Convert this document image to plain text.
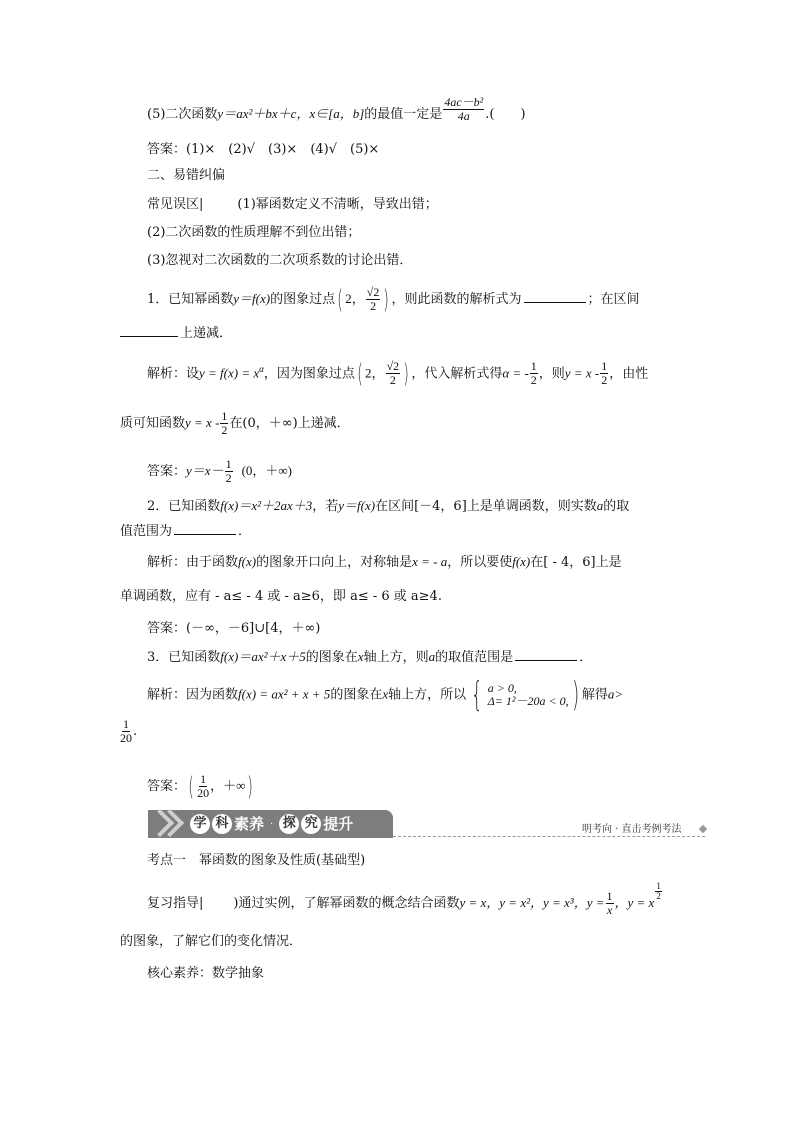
(5)二次函数y＝ax²＋bx＋c，x∈[a，b]的最值一定是 $\frac{\text{4ac－b²}}{4a}$ .(　　)
答案：(1)×　(2)√　(3)×　(4)√　(5)×
二、易错纠偏
常见误区|	(1)幂函数定义不清晰，导致出错；
(2)二次函数的性质理解不到位出错；
(3)忽视对二次函数的二次项系数的讨论出错．
1．已知幂函数y＝f(x)的图象过点( 2， $\frac{√2}{2}$ ) ，则此函数的解析式为	；在区间
上递减．
解析：设$y = f(x) = x^\alpha$，因为图象过点( 2， $\frac{√2}{2}$ ) ，代入解析式得α = - $\frac{1}{2}$ ，则$y = x - \frac{1}{2}$ ，由性
质可知函数$y = x - \frac{1}{2}$ 在(0，＋∞)上递减．
答案：$y=x- \frac{1}{2} (0$，＋∞)
2．已知函数f(x)＝x²＋2ax＋3，若y＝f(x)在区间[－4，6]上是单调函数，则实数a的取
值范围为	．
解析：由于函数f(x)的图象开口向上，对称轴是x = - a，所以要使f(x)在[ - 4，6]上是
单调函数，应有 - a≤ - 4 或 - a≥6，即 a≤ - 6 或 a≥4.
答案：(－∞，－6]∪[4，＋∞)
3．已知函数f(x)＝ax²＋x＋5的图象在x轴上方，则a的取值范围是	．
解析：因为函数f(x) = ax² + x + 5的图象在x轴上方，所以 { a > 0,
Δ= 1²－20a < 0, ) 解得a>
$\frac{1}{20}$ .
答案：( $\frac{1}{20}$ ，＋∞)
学 科 素养 · 探 究 提升	明考向 · 直击考例考法
考点一　幂函数的图象及性质(基础型)
复习指导| )通过实例，了解幂函数的概念结合函数y = x，y = x²，y = x³，$y = \frac{1}{x}$ ，y = x
$\frac{1}{2}$
的图象，了解它们的变化情况．
核心素养：数学抽象
